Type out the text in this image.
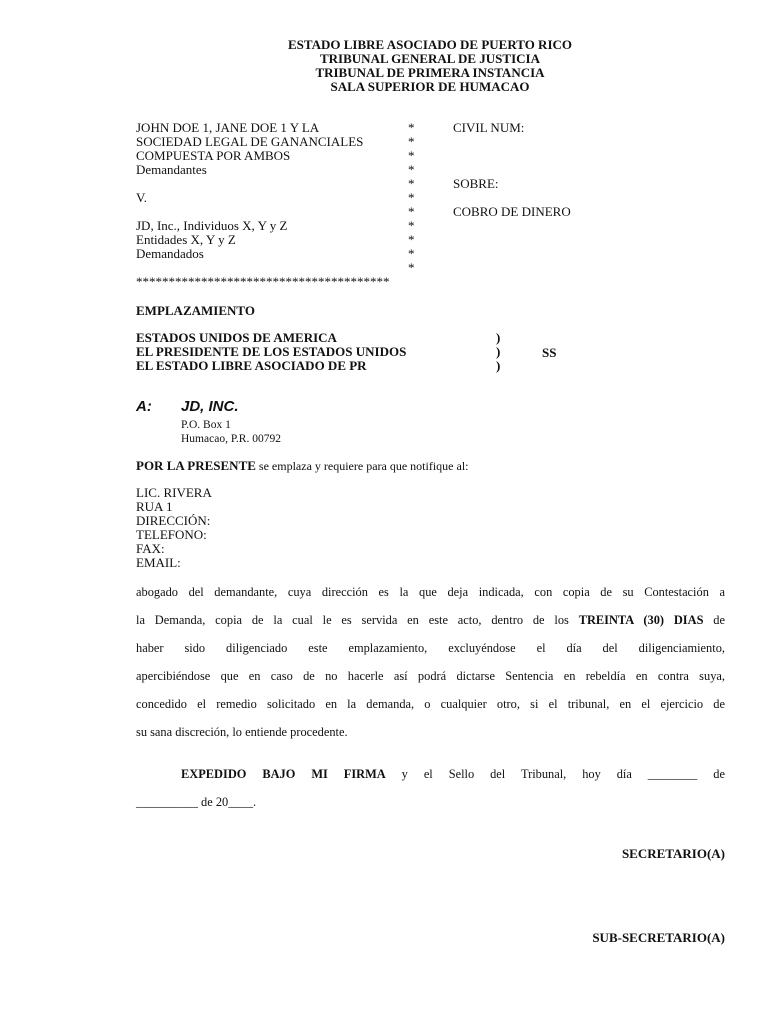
ESTADO LIBRE ASOCIADO DE PUERTO RICO
TRIBUNAL GENERAL DE JUSTICIA
TRIBUNAL DE PRIMERA INSTANCIA
SALA SUPERIOR DE HUMACAO
JOHN DOE 1, JANE DOE 1 Y LA
SOCIEDAD LEGAL DE GANANCIALES
COMPUESTA POR AMBOS
Demandantes
V.
JD, Inc., Individuos X, Y y Z
Entidades X, Y y Z
Demandados
***************************************
*
*
*
*
*
*
*
*
*
*
*
CIVIL NUM:
SOBRE:
COBRO DE DINERO
EMPLAZAMIENTO
ESTADOS UNIDOS DE AMERICA
EL PRESIDENTE DE LOS ESTADOS UNIDOS
EL ESTADO LIBRE ASOCIADO DE PR
)
)
)
SS
A: JD, INC.
P.O. Box 1
Humacao, P.R. 00792
POR LA PRESENTE se emplaza y requiere para que notifique al:
LIC. RIVERA
RUA 1
DIRECCIÓN:
TELEFONO:
FAX:
EMAIL:
abogado del demandante, cuya dirección es la que deja indicada, con copia de su Contestación a
la Demanda, copia de la cual le es servida en este acto, dentro de los TREINTA (30) DIAS de
haber sido diligenciado este emplazamiento, excluyéndose el día del diligenciamiento,
apercibiéndose que en caso de no hacerle así podrá dictarse Sentencia en rebeldía en contra suya,
concedido el remedio solicitado en la demanda, o cualquier otro, si el tribunal, en el ejercicio de
su sana discreción, lo entiende procedente.
EXPEDIDO BAJO MI FIRMA y el Sello del Tribunal, hoy día ________ de
__________ de 20____.
SECRETARIO(A)
SUB-SECRETARIO(A)
